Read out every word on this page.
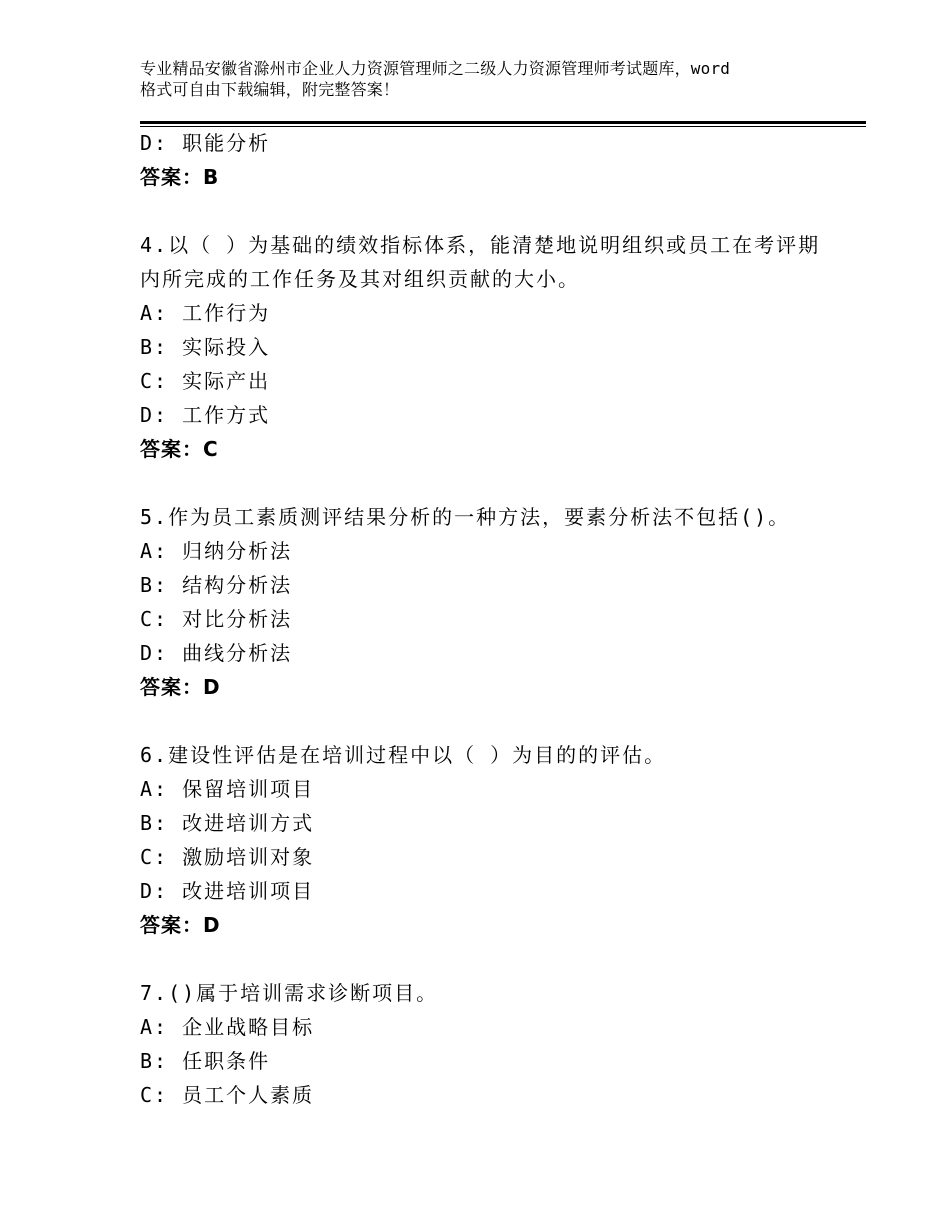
专业精品安徽省滁州市企业人力资源管理师之二级人力资源管理师考试题库，word
格式可自由下载编辑，附完整答案！
D: 职能分析
答案：B
4.以（ ）为基础的绩效指标体系，能清楚地说明组织或员工在考评期
内所完成的工作任务及其对组织贡献的大小。
A: 工作行为
B: 实际投入
C: 实际产出
D: 工作方式
答案：C
5.作为员工素质测评结果分析的一种方法，要素分析法不包括()。
A: 归纳分析法
B: 结构分析法
C: 对比分析法
D: 曲线分析法
答案：D
6.建设性评估是在培训过程中以（ ）为目的的评估。
A: 保留培训项目
B: 改进培训方式
C: 激励培训对象
D: 改进培训项目
答案：D
7.()属于培训需求诊断项目。
A: 企业战略目标
B: 任职条件
C: 员工个人素质
